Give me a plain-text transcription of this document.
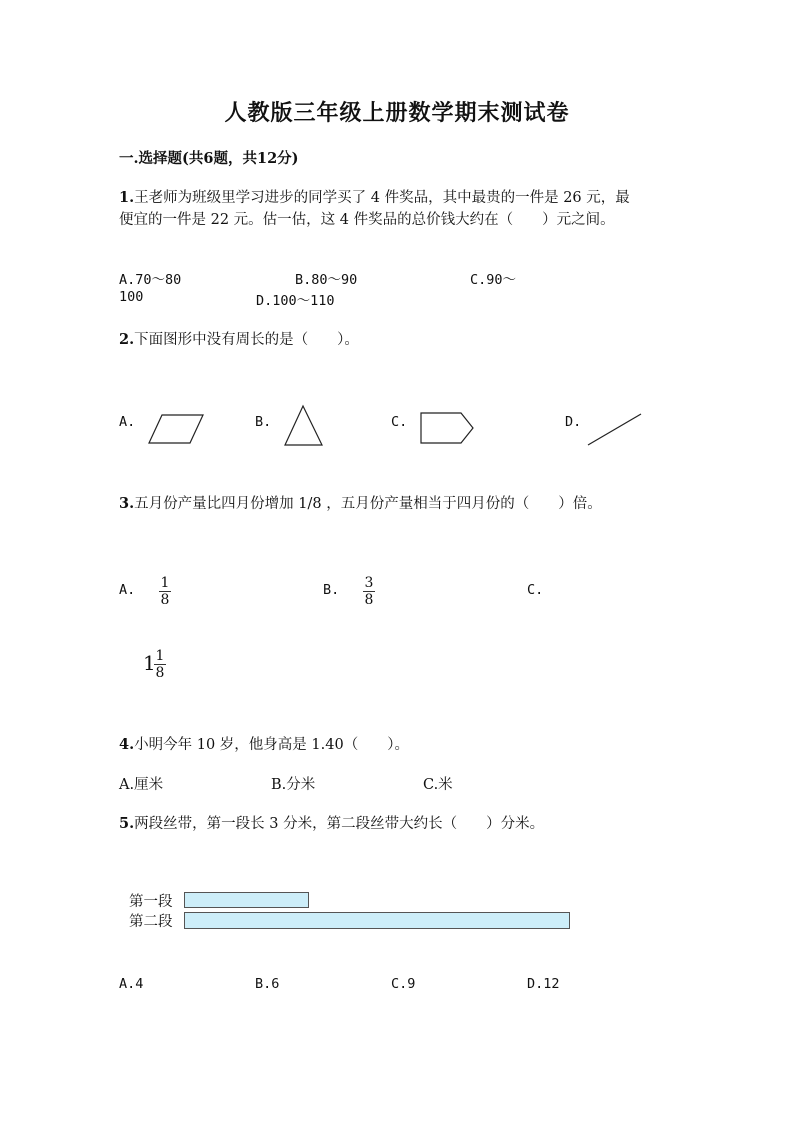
人教版三年级上册数学期末测试卷
一.选择题(共6题，共12分)
1.王老师为班级里学习进步的同学买了 4 件奖品，其中最贵的一件是 26 元，最
便宜的一件是 22 元。估一估，这 4 件奖品的总价钱大约在（　　）元之间。
A.70～80	B.80～90	C.90～
100	D.100～110
2.下面图形中没有周长的是（　　）。
A.	B.	C.	D.
3.五月份产量比四月份增加 1/8 ，五月份产量相当于四月份的（　　）倍。
A. 1
8
B. 3
8
C.
1 1
8
4.小明今年 10 岁，他身高是 1.40（　　）。
A.厘米	B.分米	C.米
5.两段丝带，第一段长 3 分米，第二段丝带大约长（　　）分米。
第一段
第二段
A.4	B.6	C.9	D.12
